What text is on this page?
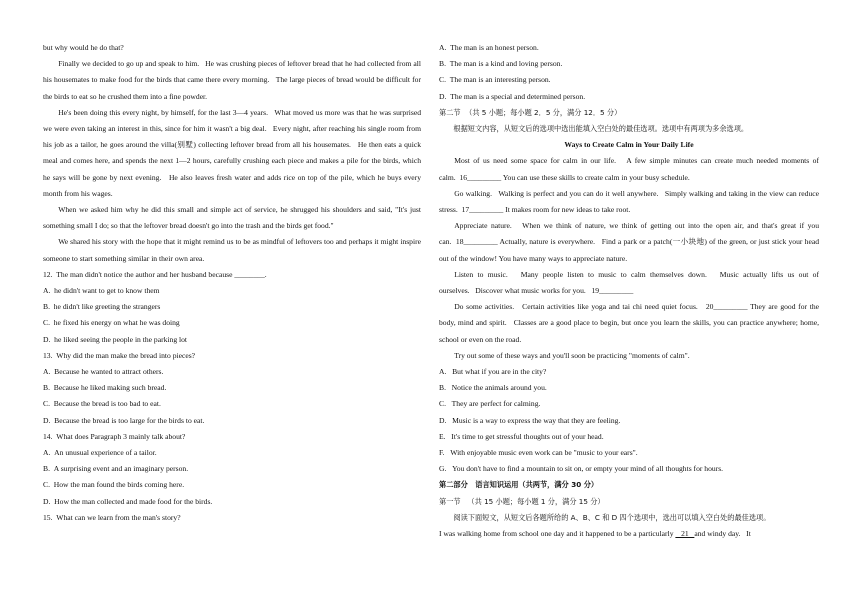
but why would he do that?

Finally we decided to go up and speak to him.   He was crushing pieces of leftover bread that he had collected from all his housemates to make food for the birds that came there every morning.   The large pieces of bread would be difficult for the birds to eat so he crushed them into a fine powder.

He's been doing this every night, by himself, for the last 3—4 years.   What moved us more was that he was surprised we were even taking an interest in this, since for him it wasn't a big deal.   Every night, after reaching his single room from his job as a tailor, he goes around the villa(别墅) collecting leftover bread from all his housemates.   He then eats a quick meal and comes here, and spends the next 1—2 hours, carefully crushing each piece and makes a pile for the birds, which he says will be gone by next evening.   He also leaves fresh water and adds rice on top of the pile, which he buys every month from his wages.

When we asked him why he did this small and simple act of service, he shrugged his shoulders and said, "It's just something small I do; so that the leftover bread doesn't go into the trash and the birds get food."

We shared his story with the hope that it might remind us to be as mindful of leftovers too and perhaps it might inspire someone to start something similar in their own area.

12.  The man didn't notice the author and her husband because ________.

A.  he didn't want to get to know them

B.  he didn't like greeting the strangers

C.  he fixed his energy on what he was doing

D.  he liked seeing the people in the parking lot

13.  Why did the man make the bread into pieces?

A.  Because he wanted to attract others.

B.  Because he liked making such bread.

C.  Because the bread is too bad to eat.

D.  Because the bread is too large for the birds to eat.

14.  What does Paragraph 3 mainly talk about?

A.  An unusual experience of a tailor.

B.  A surprising event and an imaginary person.

C.  How the man found the birds coming here.

D.  How the man collected and made food for the birds.

15.  What can we learn from the man's story?

A.  The man is an honest person.

B.  The man is a kind and loving person.

C.  The man is an interesting person.

D.  The man is a special and determined person.

第二节  （共 5 小题；每小题 2．5 分，满分 12．5 分）

根据短文内容，从短文后的选项中选出能填入空白处的最佳选项。选项中有两项为多余选项。

Ways to Create Calm in Your Daily Life

Most of us need some space for calm in our life.   A few simple minutes can create much needed moments of calm.  16_________ You can use these skills to create calm in your busy schedule.

Go walking.   Walking is perfect and you can do it well anywhere.   Simply walking and taking in the view can reduce stress.  17_________ It makes room for new ideas to take root.

Appreciate nature.   When we think of nature, we think of getting out into the open air, and that's great if you can.  18_________ Actually, nature is everywhere.   Find a park or a patch(一小块地) of the green, or just stick your head out of the window! You have many ways to appreciate nature.

Listen to music.   Many people listen to music to calm themselves down.   Music actually lifts us out of ourselves.   Discover what music works for you.   19_________

Do some activities.   Certain activities like yoga and tai chi need quiet focus.   20_________ They are good for the body, mind and spirit.   Classes are a good place to begin, but once you learn the skills, you can practice anywhere; home, school or even on the road.

Try out some of these ways and you'll soon be practicing "moments of calm".

A.   But what if you are in the city?

B.   Notice the animals around you.

C.   They are perfect for calming.

D.   Music is a way to express the way that they are feeling.

E.   It's time to get stressful thoughts out of your head.

F.   With enjoyable music even work can be "music to your ears".

G.   You don't have to find a mountain to sit on, or empty your mind of all thoughts for hours.

第二部分   语言知识运用（共两节，满分 30 分）

第一节   （共 15 小题；每小题 1 分，满分 15 分）

阅读下面短文，从短文后各题所给的 A、B、C 和 D 四个选项中，选出可以填入空白处的最佳选项。

I was walking home from school one day and it happened to be a particularly    21   and windy day.   It
